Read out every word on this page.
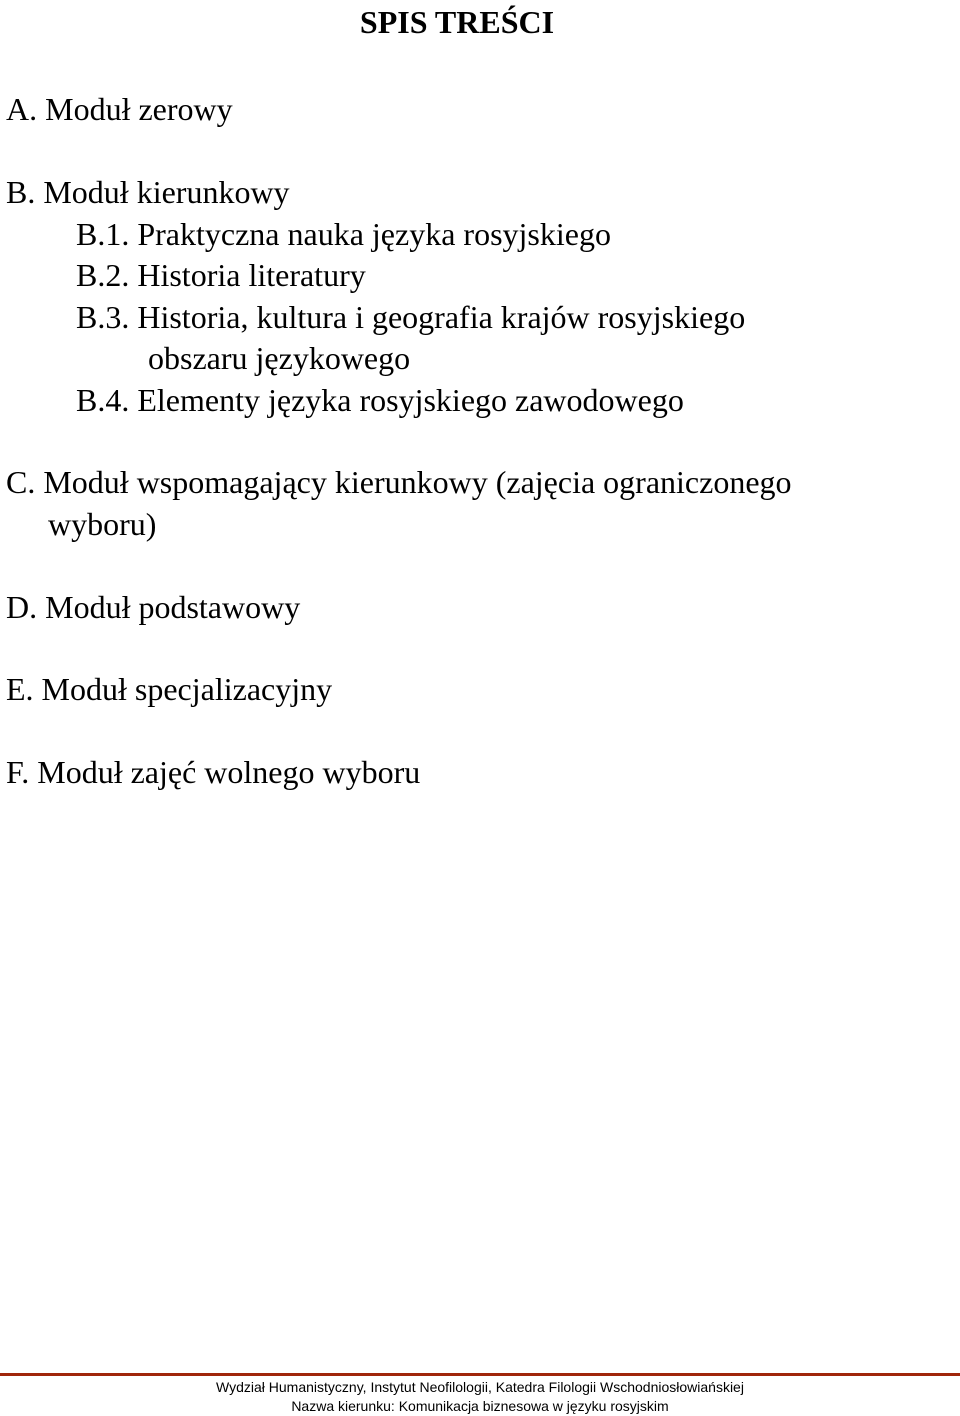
SPIS TREŚCI
A. Moduł zerowy
B. Moduł kierunkowy
B.1. Praktyczna nauka języka rosyjskiego
B.2. Historia literatury
B.3. Historia, kultura i geografia krajów rosyjskiego
obszaru językowego
B.4. Elementy języka rosyjskiego zawodowego
C. Moduł wspomagający kierunkowy (zajęcia ograniczonego
wyboru)
D. Moduł podstawowy
E. Moduł specjalizacyjny
F. Moduł zajęć wolnego wyboru
Wydział Humanistyczny, Instytut Neofilologii, Katedra Filologii Wschodniosłowiańskiej
Nazwa kierunku: Komunikacja biznesowa w języku rosyjskim
